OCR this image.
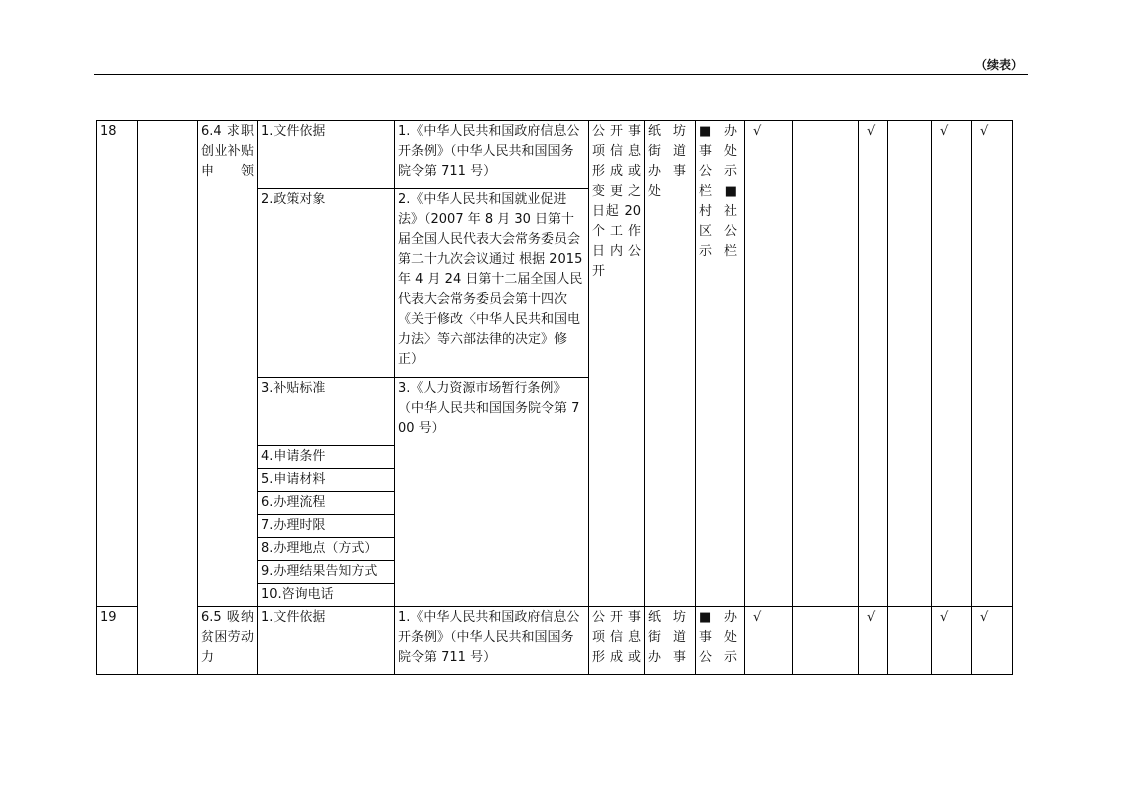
（续表）
18		6.4 求职创业补贴申领	1.文件依据	1.《中华人民共和国政府信息公开条例》（中华人民共和国国务院令第 711 号）	公开事项信息形成或变更之日起 20 个工作日内公开	纸坊街道办事处	■办事处公示栏 ■村社区公示栏	√		√		√	√
			2.政策对象	2.《中华人民共和国就业促进法》（2007 年 8 月 30 日第十届全国人民代表大会常务委员会第二十九次会议通过 根据 2015 年 4 月 24 日第十二届全国人民代表大会常务委员会第十四次《关于修改〈中华人民共和国电力法〉等六部法律的决定》修正）									

			3.补贴标准	3.《人力资源市场暂行条例》（中华人民共和国国务院令第 700 号）									

			4.申请条件										
			5.申请材料										
			6.办理流程										
			7.办理时限										
			8.办理地点（方式）										
			9.办理结果告知方式										
			10.咨询电话										
19		6.5 吸纳贫困劳动力	1.文件依据	1.《中华人民共和国政府信息公开条例》（中华人民共和国国务院令第 711 号）	公开事项信息形成或	纸坊街道办事	■办事处公示	√		√		√	√
